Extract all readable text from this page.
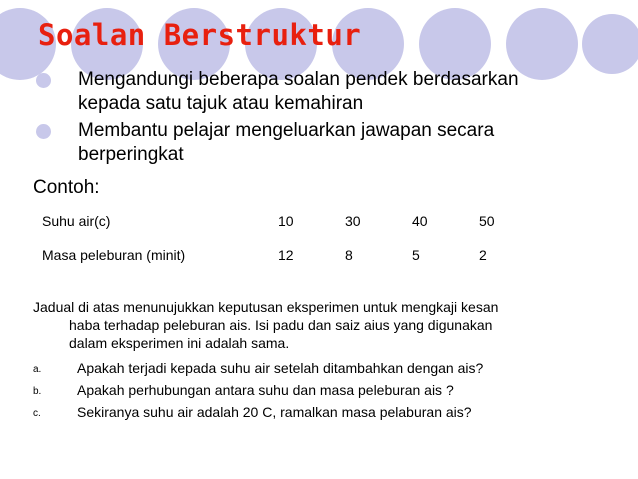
Soalan Berstruktur
Mengandungi beberapa soalan pendek berdasarkan
kepada satu tajuk atau kemahiran
Membantu pelajar mengeluarkan jawapan secara
berperingkat
Contoh:
Suhu air(c)	10	30	40	50
Masa peleburan (minit)	12	8	5	2
Jadual di atas menunujukkan keputusan eksperimen untuk mengkaji kesan
haba terhadap peleburan ais. Isi padu dan saiz aius yang digunakan
dalam eksperimen ini adalah sama.
a.	Apakah terjadi kepada suhu air setelah ditambahkan dengan ais?
b.	Apakah perhubungan antara suhu dan masa peleburan ais ?
c.	Sekiranya suhu air adalah 20 C, ramalkan masa pelaburan ais?
